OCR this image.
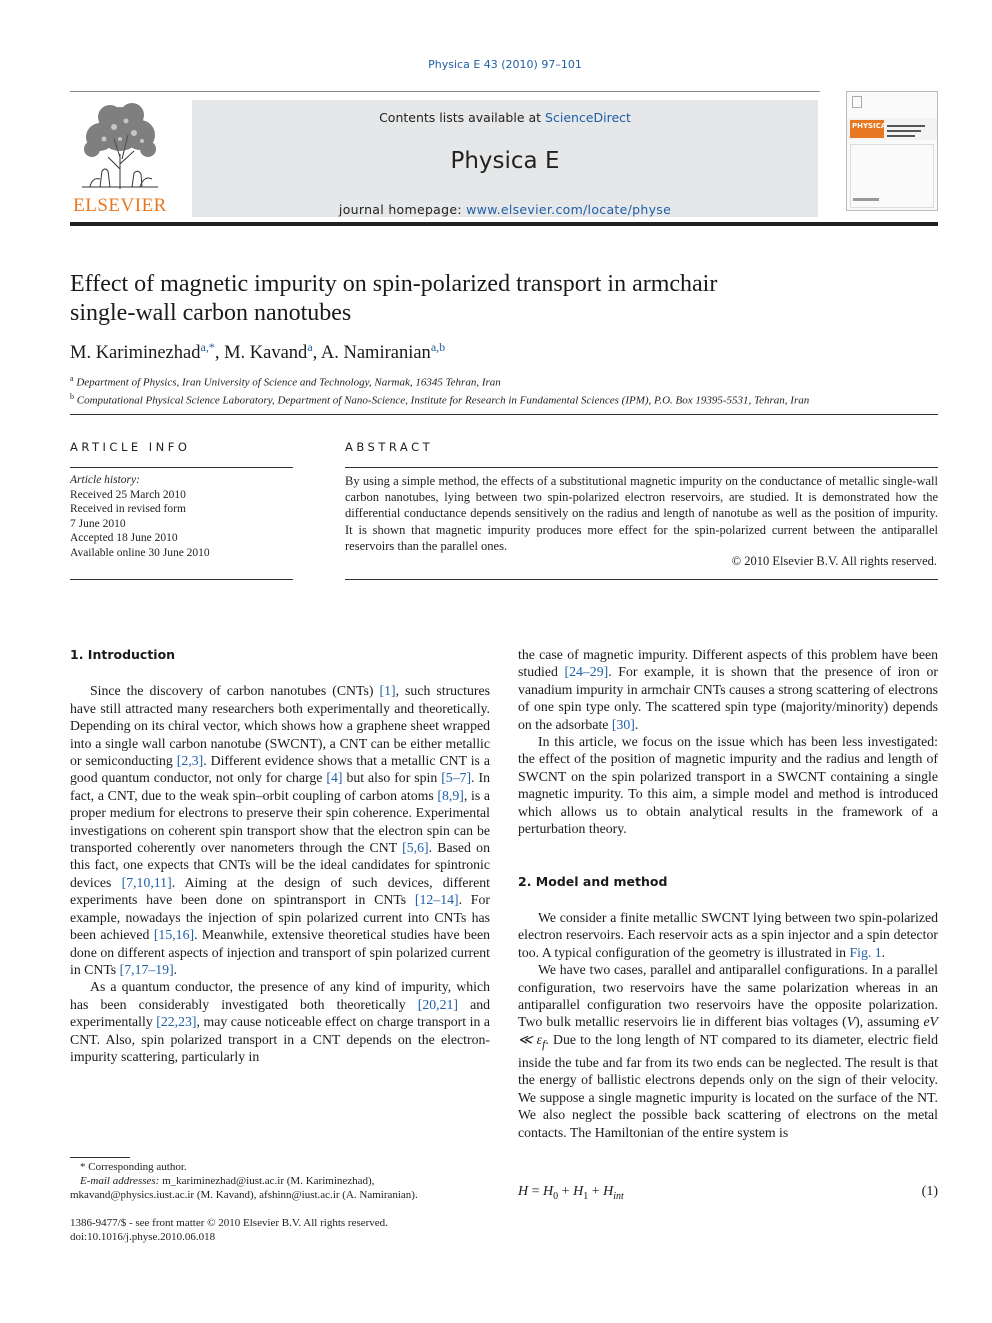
Physica E 43 (2010) 97–101
ELSEVIER
Contents lists available at ScienceDirect
Physica E
journal homepage: www.elsevier.com/locate/physe
PHYSICA
Effect of magnetic impurity on spin-polarized transport in armchair
single-wall carbon nanotubes
M. Kariminezhad$^{a,*}$, M. Kavand$^a$, A. Namiranian$^{a,b}$
$^a$ Department of Physics, Iran University of Science and Technology, Narmak, 16345 Tehran, Iran
$^b$ Computational Physical Science Laboratory, Department of Nano-Science, Institute for Research in Fundamental Sciences (IPM), P.O. Box 19395-5531, Tehran, Iran
ARTICLE INFO	ABSTRACT
Article history:
Received 25 March 2010
Received in revised form
7 June 2010
Accepted 18 June 2010
Available online 30 June 2010
By using a simple method, the effects of a substitutional magnetic impurity on the conductance of metallic single-wall carbon nanotubes, lying between two spin-polarized electron reservoirs, are studied. It is demonstrated how the differential conductance depends sensitively on the radius and length of nanotube as well as the position of impurity. It is shown that magnetic impurity produces more effect for the spin-polarized current between the antiparallel reservoirs than the parallel ones.
© 2010 Elsevier B.V. All rights reserved.
1. Introduction

Since the discovery of carbon nanotubes (CNTs) [1], such structures have still attracted many researchers both experimentally and theoretically. Depending on its chiral vector, which shows how a graphene sheet wrapped into a single wall carbon nanotube (SWCNT), a CNT can be either metallic or semiconducting [2,3]. Different evidence shows that a metallic CNT is a good quantum conductor, not only for charge [4] but also for spin [5–7]. In fact, a CNT, due to the weak spin–orbit coupling of carbon atoms [8,9], is a proper medium for electrons to preserve their spin coherence. Experimental investigations on coherent spin transport show that the electron spin can be transported coherently over nanometers through the CNT [5,6]. Based on this fact, one expects that CNTs will be the ideal candidates for spintronic devices [7,10,11]. Aiming at the design of such devices, different experiments have been done on spintransport in CNTs [12–14]. For example, nowadays the injection of spin polarized current into CNTs has been achieved [15,16]. Meanwhile, extensive theoretical studies have been done on different aspects of injection and transport of spin polarized current in CNTs [7,17–19].

As a quantum conductor, the presence of any kind of impurity, which has been considerably investigated both theoretically [20,21] and experimentally [22,23], may cause noticeable effect on charge transport in a CNT. Also, spin polarized transport in a CNT depends on the electron-impurity scattering, particularly in

the case of magnetic impurity. Different aspects of this problem have been studied [24–29]. For example, it is shown that the presence of iron or vanadium impurity in armchair CNTs causes a strong scattering of electrons of one spin type only. The scattered spin type (majority/minority) depends on the adsorbate [30].

In this article, we focus on the issue which has been less investigated: the effect of the position of magnetic impurity and the radius and length of SWCNT on the spin polarized transport in a SWCNT containing a single magnetic impurity. To this aim, a simple model and method is introduced which allows us to obtain analytical results in the framework of a perturbation theory.

2. Model and method

We consider a finite metallic SWCNT lying between two spin-polarized electron reservoirs. Each reservoir acts as a spin injector and a spin detector too. A typical configuration of the geometry is illustrated in Fig. 1.

We have two cases, parallel and antiparallel configurations. In a parallel configuration, two reservoirs have the same polarization whereas in an antiparallel configuration two reservoirs have the opposite polarization. Two bulk metallic reservoirs lie in different bias voltages (V), assuming eV ≪ $\varepsilon_f$. Due to the long length of NT compared to its diameter, electric field inside the tube and far from its two ends can be neglected. The result is that the energy of ballistic electrons depends only on the sign of their velocity. We suppose a single magnetic impurity is located on the surface of the NT. We also neglect the possible back scattering of electrons on the metal contacts. The Hamiltonian of the entire system is

$H = H_0 + H_1 + H_{int}$	(1)
* Corresponding author.
E-mail addresses: m_kariminezhad@iust.ac.ir (M. Kariminezhad),
mkavand@physics.iust.ac.ir (M. Kavand), afshinn@iust.ac.ir (A. Namiranian).
1386-9477/$ - see front matter © 2010 Elsevier B.V. All rights reserved.
doi:10.1016/j.physe.2010.06.018
